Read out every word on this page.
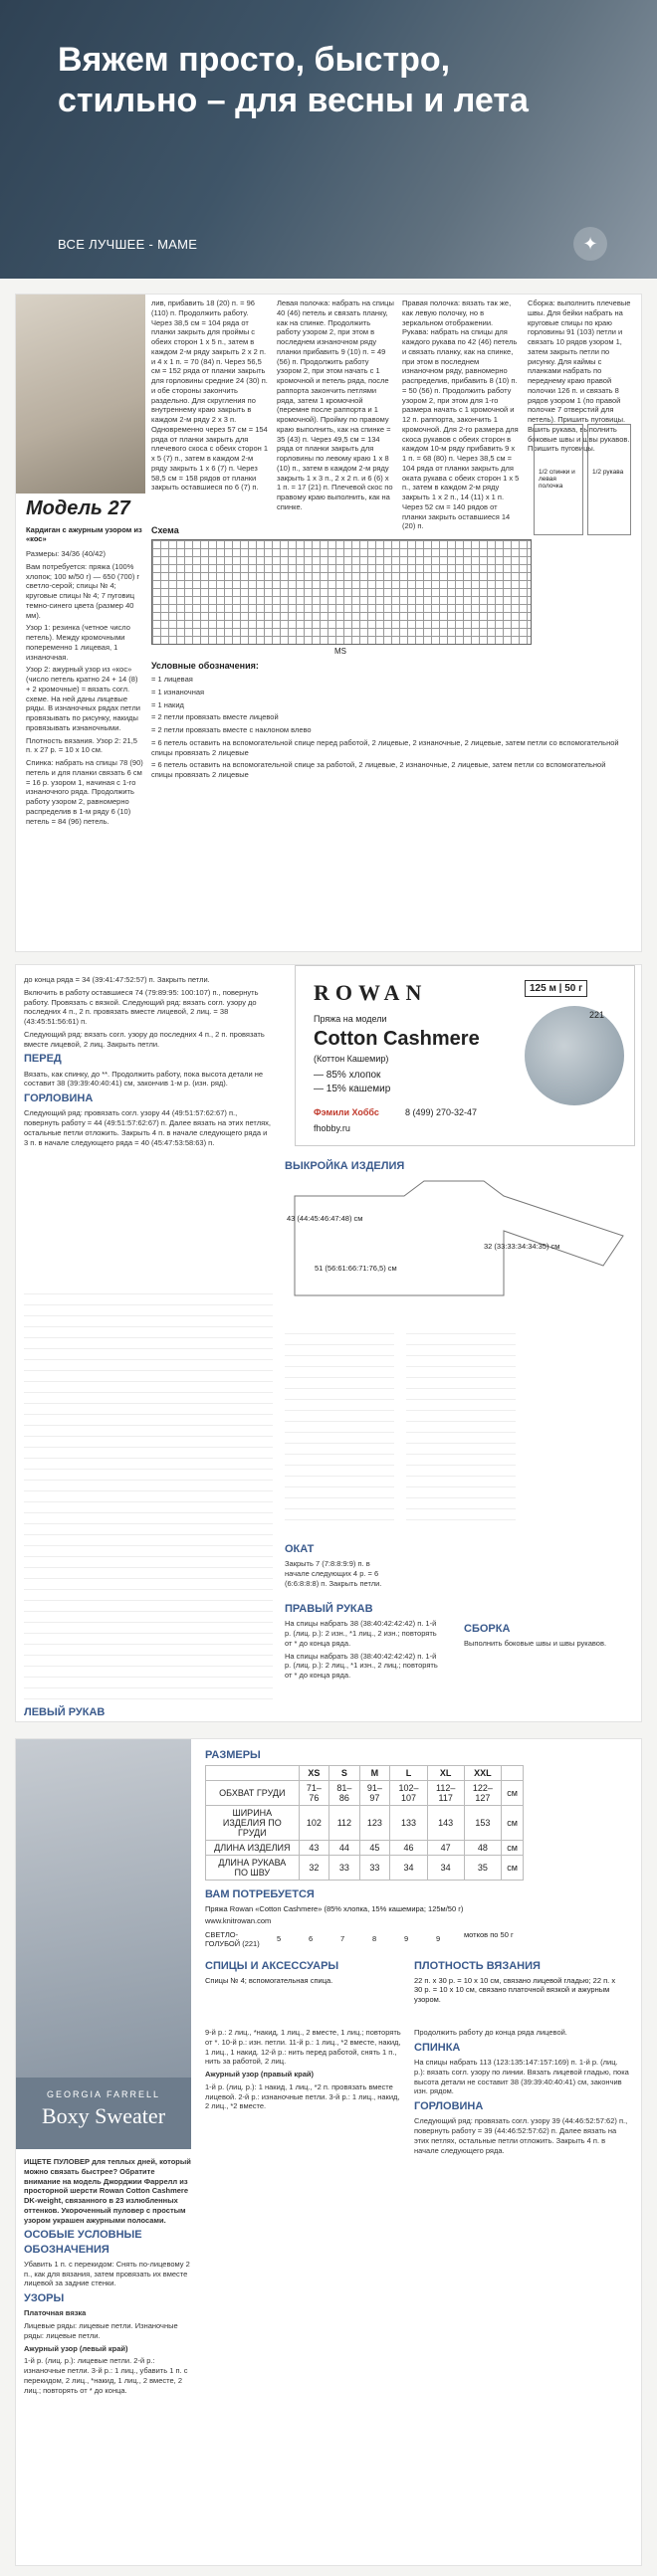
Вяжем просто, быстро, стильно – для весны и лета
ВСЕ ЛУЧШЕЕ - MAME	✦
Модель 27
Кардиган с ажурным узором из «кос»

Размеры: 34/36 (40/42)

Вам потребуется: пряжа (100% хлопок; 100 м/50 г) — 650 (700) г светло-серой; спицы № 4; круговые спицы № 4; 7 пуговиц темно-синего цвета (размер 40 мм).

Узор 1: резинка (четное число петель). Между кромочными попеременно 1 лицевая, 1 изнаночная.

Узор 2: ажурный узор из «кос» (число петель кратно 24 + 14 (8) + 2 кромочные) = вязать согл. схеме. На ней даны лицевые ряды. В изнаночных рядах петли провязывать по рисунку, накиды провязывать изнаночными.

Плотность вязания. Узор 2: 21,5 п. х 27 р. = 10 х 10 см.

Спинка: набрать на спицы 78 (90) петель и для планки связать 6 см = 16 р. узором 1, начиная с 1-го изнаночного ряда. Продолжить работу узором 2, равномерно распределив в 1-м ряду 6 (10) петель = 84 (96) петель.

лив, прибавить 18 (20) п. = 96 (110) п. Продолжить работу. Через 38,5 см = 104 ряда от планки закрыть для проймы с обеих сторон 1 х 5 п., затем в каждом 2-м ряду закрыть 2 х 2 п. и 4 х 1 п. = 70 (84) п. Через 56,5 см = 152 ряда от планки закрыть для горловины средние 24 (30) п. и обе стороны закончить раздельно. Для скругления по внутреннему краю закрыть в каждом 2-м ряду 2 х 3 п. Одновременно через 57 см = 154 ряда от планки закрыть для плечевого скоса с обеих сторон 1 х 5 (7) п., затем в каждом 2-м ряду закрыть 1 х 6 (7) п. Через 58,5 см = 158 рядов от планки закрыть оставшиеся по 6 (7) п.
Левая полочка: набрать на спицы 40 (46) петель и связать планку, как на спинке. Продолжить работу узором 2, при этом в последнем изнаночном ряду планки прибавить 9 (10) п. = 49 (56) п. Продолжить работу узором 2, при этом начать с 1 кромочной и петель ряда, после раппорта закончить петлями ряда, затем 1 кромочной (перемне после раппорта и 1 кромочной). Пройму по правому краю выполнить, как на спинке = 35 (43) п. Через 49,5 см = 134 ряда от планки закрыть для горловины по левому краю 1 х 8 (10) п., затем в каждом 2-м ряду закрыть 1 х 3 п., 2 х 2 п. и 6 (6) х 1 п. = 17 (21) п. Плечевой скос по правому краю выполнить, как на спинке.
Правая полочка: вязать так же, как левую полочку, но в зеркальном отображении. Рукава: набрать на спицы для каждого рукава по 42 (46) петель и связать планку, как на спинке, при этом в последнем изнаночном ряду, равномерно распределив, прибавить 8 (10) п. = 50 (56) п. Продолжить работу узором 2, при этом для 1-го размера начать с 1 кромочной и 12 п. раппорта, закончить 1 кромочной. Для 2-го размера для скоса рукавов с обеих сторон в каждом 10-м ряду прибавить 9 х 1 п. = 68 (80) п. Через 38,5 см = 104 ряда от планки закрыть для оката рукава с обеих сторон 1 х 5 п., затем в каждом 2-м ряду закрыть 1 х 2 п., 14 (11) х 1 п. Через 52 см = 140 рядов от планки закрыть оставшиеся 14 (20) п.
Сборка: выполнить плечевые швы. Для бейки набрать на круговые спицы по краю горловины 91 (103) петли и связать 10 рядов узором 1, затем закрыть петли по рисунку. Для каймы с планками набрать по переднему краю правой полочки 126 п. и связать 8 рядов узором 1 (по правой полочке 7 отверстий для петель). Пришить пуговицы. Вшить рукава, выполнить боковые швы и швы рукавов. Пришить пуговицы.
1/2 спинки и левая полочка
1/2 рукава
Схема
MS
Условные обозначения:

= 1 лицевая

= 1 изнаночная

= 1 накид

= 2 петли провязать вместе лицевой

= 2 петли провязать вместе с наклоном влево

= 6 петель оставить на вспомогательной спице перед работой, 2 лицевые, 2 изнаночные, 2 лицевые, затем петли со вспомогательной спицы провязать 2 лицевые

= 6 петель оставить на вспомогательной спице за работой, 2 лицевые, 2 изнаночные, 2 лицевые, затем петли со вспомогательной спицы провязать 2 лицевые

до конца ряда = 34 (39:41:47:52:57) п. Закрыть петли.

Включить в работу оставшиеся 74 (79:89:95: 100:107) п., повернуть работу. Провязать с вязкой. Следующий ряд: вязать согл. узору до последних 4 п., 2 п. провязать вместе лицевой, 2 лиц. = 38 (43:45:51:56:61) п.

Следующий ряд: вязать согл. узору до последних 4 п., 2 п. провязать вместе лицевой, 2 лиц. Закрыть петли.

ПЕРЕД

Вязать, как спинку, до **. Продолжить работу, пока высота детали не составит 38 (39:39:40:40:41) см, закончив 1-м р. (изн. ряд).

ГОРЛОВИНА

Следующий ряд: провязать согл. узору 44 (49:51:57:62:67) п., повернуть работу = 44 (49:51:57:62:67) п. Далее вязать на этих петлях, остальные петли отложить. Закрыть 4 п. в начале следующего ряда и 3 п. в начале следующего ряда = 40 (45:47:53:58:63) п.

ROWAN	125 м | 50 г
Пряжа на модели
Cotton Cashmere
(Коттон Кашемир)
— 85% хлопок
— 15% кашемир
221
Фэмили Хоббс	8 (499) 270-32-47
fhobby.ru
ВЫКРОЙКА ИЗДЕЛИЯ
51 (56:61:66:71:76,5) см
32 (33:33:34:34:35) см
43 (44:45:46:47:48) см

ОКАТ

Закрыть 7 (7:8:8:9:9) п. в начале следующих 4 р. = 6 (6:6:8:8:8) п. Закрыть петли.

ЛЕВЫЙ РУКАВ

ПРАВЫЙ РУКАВ

На спицы набрать 38 (38:40:42:42:42) п. 1-й р. (лиц. р.): 2 изн., *1 лиц., 2 изн.; повторять от * до конца ряда.

На спицы набрать 38 (38:40:42:42:42) п. 1-й р. (лиц. р.): 2 лиц., *1 изн., 2 лиц.; повторять от * до конца ряда.

СБОРКА

Выполнить боковые швы и швы рукавов.

GEORGIA FARRELL
Boxy Sweater
РАЗМЕРЫ
	XS	S	M	L	XL	XXL	
ОБХВАТ ГРУДИ	71–76	81–86	91–97	102–107	112–117	122–127	см
ШИРИНА ИЗДЕЛИЯ ПО ГРУДИ	102	112	123	133	143	153	см
ДЛИНА ИЗДЕЛИЯ	43	44	45	46	47	48	см
ДЛИНА РУКАВА ПО ШВУ	32	33	33	34	34	35	см
ВАМ ПОТРЕБУЕТСЯ
Пряжа Rowan «Cotton Cashmere» (85% хлопка, 15% кашемира; 125м/50 г)
www.knitrowan.com
СВЕТЛО-ГОЛУБОЙ (221)
5	6	7	8	9	9	мотков по 50 г
СПИЦЫ И АКСЕССУАРЫ
Спицы № 4; вспомогательная спица.
ПЛОТНОСТЬ ВЯЗАНИЯ
22 п. х 30 р. = 10 х 10 см, связано лицевой гладью; 22 п. х 30 р. = 10 х 10 см, связано платочной вязкой и ажурным узором.

ИЩЕТЕ ПУЛОВЕР для теплых дней, который можно связать быстрее? Обратите внимание на модель Джорджии Фаррелл из просторной шерсти Rowan Cotton Cashmere DK-weight, связанного в 23 излюбленных оттенков. Укороченный пуловер с простым узором украшен ажурными полосами.

ОСОБЫЕ УСЛОВНЫЕ ОБОЗНАЧЕНИЯ

Убавить 1 п. с перекидом: Снять по-лицевому 2 п., как для вязания, затем провязать их вместе лицевой за задние стенки.

УЗОРЫ

Платочная вязка

Лицевые ряды: лицевые петли. Изнаночные ряды: лицевые петли.

Ажурный узор (левый край)

1-й р. (лиц. р.): лицевые петли. 2-й р.: изнаночные петли. 3-й р.: 1 лиц., убавить 1 п. с перекидом, 2 лиц., *накид, 1 лиц., 2 вместе, 2 лиц.; повторять от * до конца.

9-й р.: 2 лиц., *накид, 1 лиц., 2 вместе, 1 лиц.; повторять от *. 10-й р.: изн. петли. 11-й р.: 1 лиц., *2 вместе, накид, 1 лиц., 1 накид. 12-й р.: нить перед работой, снять 1 п., нить за работой, 2 лиц.

Ажурный узор (правый край)

1-й р. (лиц. р.): 1 накид, 1 лиц., *2 п. провязать вместе лицевой. 2-й р.: изнаночные петли. 3-й р.: 1 лиц., накид, 2 лиц., *2 вместе.

Продолжить работу до конца ряда лицевой.

СПИНКА

На спицы набрать 113 (123:135:147:157:169) п. 1-й р. (лиц. р.): вязать согл. узору по линии. Вязать лицевой гладью, пока высота детали не составит 38 (39:39:40:40:41) см, закончив изн. рядом.

ГОРЛОВИНА

Следующий ряд: провязать согл. узору 39 (44:46:52:57:62) п., повернуть работу = 39 (44:46:52:57:62) п. Далее вязать на этих петлях, остальные петли отложить. Закрыть 4 п. в начале следующего ряда.
